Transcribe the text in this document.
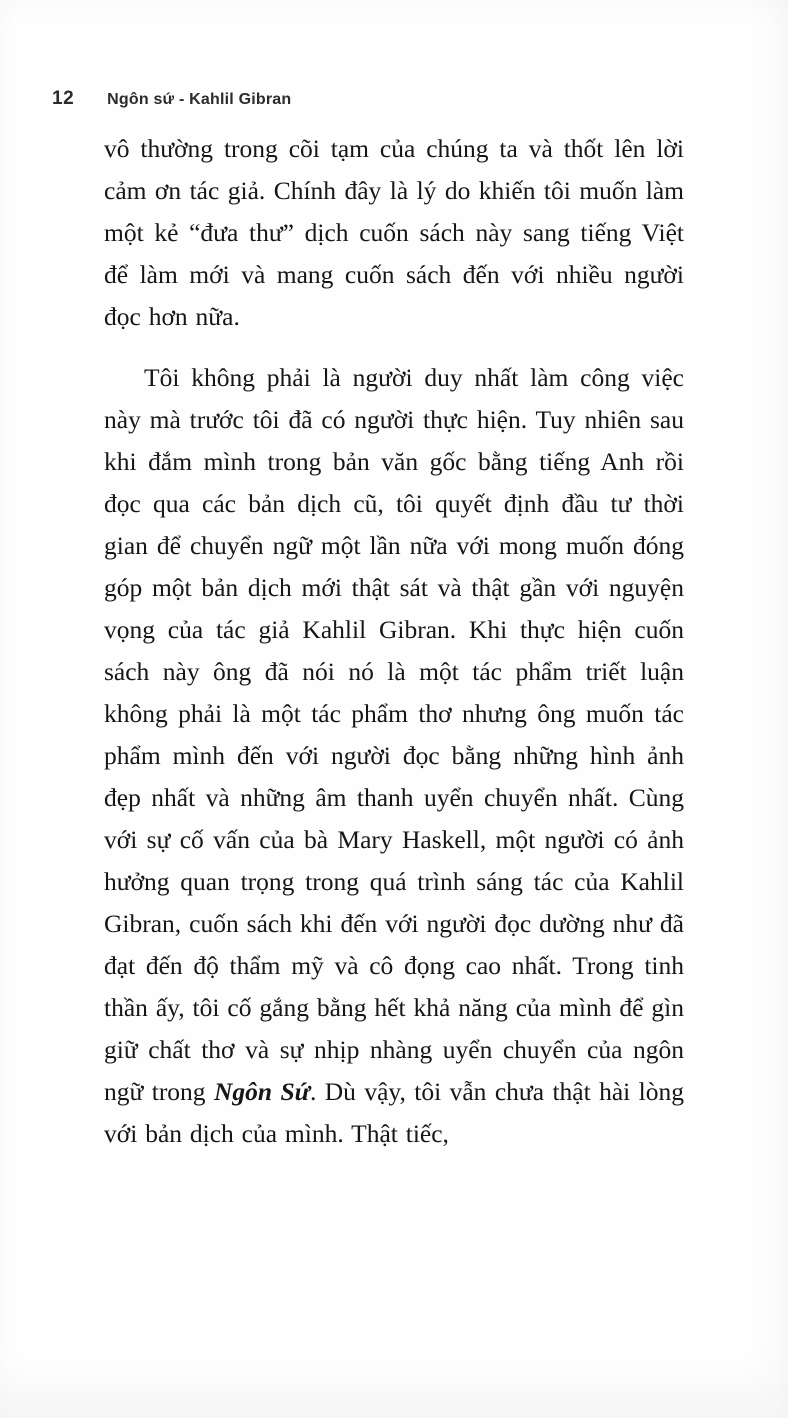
12 Ngôn sứ - Kahlil Gibran

vô thường trong cõi tạm của chúng ta và thốt lên lời cảm ơn tác giả. Chính đây là lý do khiến tôi muốn làm một kẻ “đưa thư” dịch cuốn sách này sang tiếng Việt để làm mới và mang cuốn sách đến với nhiều người đọc hơn nữa.

Tôi không phải là người duy nhất làm công việc này mà trước tôi đã có người thực hiện. Tuy nhiên sau khi đắm mình trong bản văn gốc bằng tiếng Anh rồi đọc qua các bản dịch cũ, tôi quyết định đầu tư thời gian để chuyển ngữ một lần nữa với mong muốn đóng góp một bản dịch mới thật sát và thật gần với nguyện vọng của tác giả Kahlil Gibran. Khi thực hiện cuốn sách này ông đã nói nó là một tác phẩm triết luận không phải là một tác phẩm thơ nhưng ông muốn tác phẩm mình đến với người đọc bằng những hình ảnh đẹp nhất và những âm thanh uyển chuyển nhất. Cùng với sự cố vấn của bà Mary Haskell, một người có ảnh hưởng quan trọng trong quá trình sáng tác của Kahlil Gibran, cuốn sách khi đến với người đọc dường như đã đạt đến độ thẩm mỹ và cô đọng cao nhất. Trong tinh thần ấy, tôi cố gắng bằng hết khả năng của mình để gìn giữ chất thơ và sự nhịp nhàng uyển chuyển của ngôn ngữ trong Ngôn Sứ. Dù vậy, tôi vẫn chưa thật hài lòng với bản dịch của mình. Thật tiếc,
